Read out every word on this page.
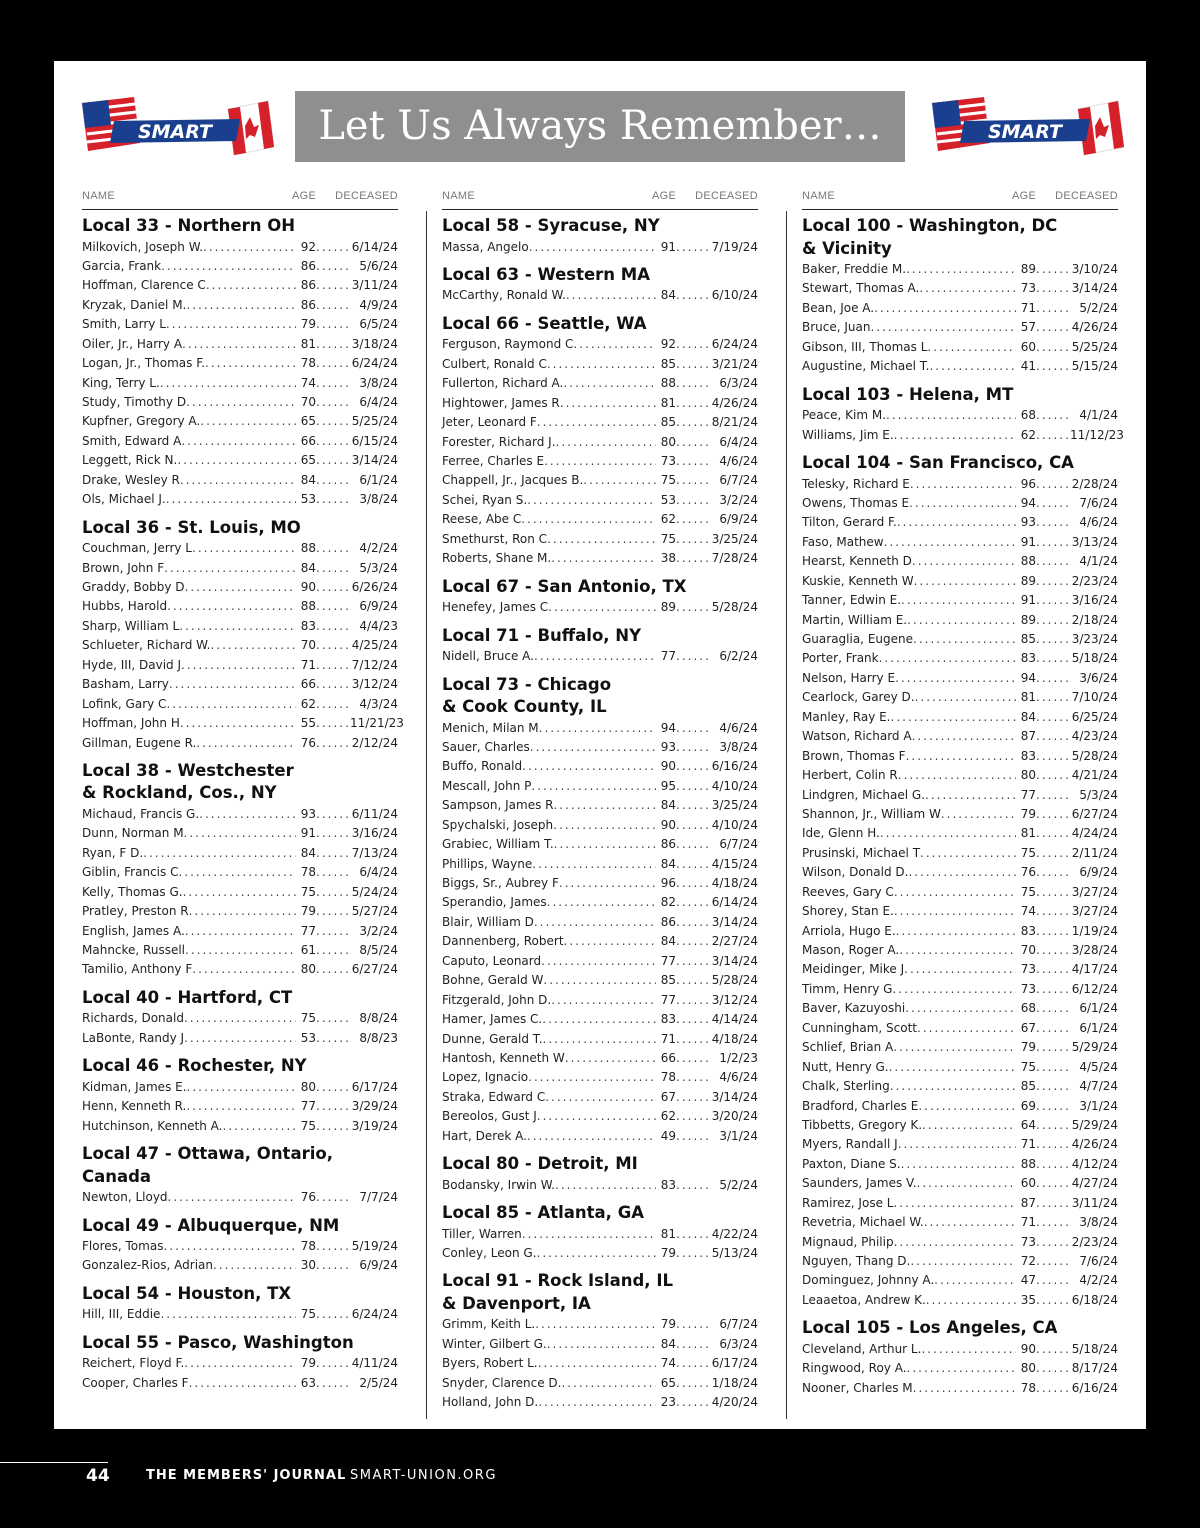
SMART	Let Us Always Remember…	SMART
NAME	AGE DECEASED
Local 33 - Northern OH
Milkovich, Joseph W. .....	92 .....	6/14/24
Garcia, Frank .....	86 .....	5/6/24
Hoffman, Clarence C .....	86 .....	3/11/24
Kryzak, Daniel M. .....	86 .....	4/9/24
Smith, Larry L .....	79 .....	6/5/24
Oiler, Jr., Harry A .....	81 .....	3/18/24
Logan, Jr., Thomas F. .....	78 .....	6/24/24
King, Terry L. .....	74 .....	3/8/24
Study, Timothy D .....	70 .....	6/4/24
Kupfner, Gregory A. .....	65 .....	5/25/24
Smith, Edward A .....	66 .....	6/15/24
Leggett, Rick N. .....	65 .....	3/14/24
Drake, Wesley R .....	84 .....	6/1/24
Ols, Michael J. .....	53 .....	3/8/24
Local 36 - St. Louis, MO
Couchman, Jerry L .....	88 .....	4/2/24
Brown, John F .....	84 .....	5/3/24
Graddy, Bobby D .....	90 .....	6/26/24
Hubbs, Harold .....	88 .....	6/9/24
Sharp, William L .....	83 .....	4/4/23
Schlueter, Richard W. .....	70 .....	4/25/24
Hyde, III, David J .....	71 .....	7/12/24
Basham, Larry .....	66 .....	3/12/24
Lofink, Gary C .....	62 .....	4/3/24
Hoffman, John H .....	55 .....	11/21/23
Gillman, Eugene R. .....	76 .....	2/12/24
Local 38 - Westchester
& Rockland, Cos., NY
Michaud, Francis G. .....	93 .....	6/11/24
Dunn, Norman M .....	91 .....	3/16/24
Ryan, F D. .....	84 .....	7/13/24
Giblin, Francis C .....	78 .....	6/4/24
Kelly, Thomas G. .....	75 .....	5/24/24
Pratley, Preston R .....	79 .....	5/27/24
English, James A. .....	77 .....	3/2/24
Mahncke, Russell .....	61 .....	8/5/24
Tamilio, Anthony F .....	80 .....	6/27/24
Local 40 - Hartford, CT
Richards, Donald .....	75 .....	8/8/24
LaBonte, Randy J .....	53 .....	8/8/23
Local 46 - Rochester, NY
Kidman, James E. .....	80 .....	6/17/24
Henn, Kenneth R. .....	77 .....	3/29/24
Hutchinson, Kenneth A. .....	75 .....	3/19/24
Local 47 - Ottawa, Ontario, Canada
Newton, Lloyd .....	76 .....	7/7/24
Local 49 - Albuquerque, NM
Flores, Tomas .....	78 .....	5/19/24
Gonzalez-Rios, Adrian .....	30 .....	6/9/24
Local 54 - Houston, TX
Hill, III, Eddie .....	75 .....	6/24/24
Local 55 - Pasco, Washington
Reichert, Floyd F. .....	79 .....	4/11/24
Cooper, Charles F .....	63 .....	2/5/24
NAME	AGE DECEASED
Local 58 - Syracuse, NY
Massa, Angelo .....	91 .....	7/19/24
Local 63 - Western MA
McCarthy, Ronald W. .....	84 .....	6/10/24
Local 66 - Seattle, WA
Ferguson, Raymond C .....	92 .....	6/24/24
Culbert, Ronald C .....	85 .....	3/21/24
Fullerton, Richard A. .....	88 .....	6/3/24
Hightower, James R .....	81 .....	4/26/24
Jeter, Leonard F .....	85 .....	8/21/24
Forester, Richard J. .....	80 .....	6/4/24
Ferree, Charles E .....	73 .....	4/6/24
Chappell, Jr., Jacques B. .....	75 .....	6/7/24
Schei, Ryan S. .....	53 .....	3/2/24
Reese, Abe C .....	62 .....	6/9/24
Smethurst, Ron C .....	75 .....	3/25/24
Roberts, Shane M. .....	38 .....	7/28/24
Local 67 - San Antonio, TX
Henefey, James C .....	89 .....	5/28/24
Local 71 - Buffalo, NY
Nidell, Bruce A. .....	77 .....	6/2/24
Local 73 - Chicago
& Cook County, IL
Menich, Milan M .....	94 .....	4/6/24
Sauer, Charles .....	93 .....	3/8/24
Buffo, Ronald .....	90 .....	6/16/24
Mescall, John P .....	95 .....	4/10/24
Sampson, James R .....	84 .....	3/25/24
Spychalski, Joseph .....	90 .....	4/10/24
Grabiec, William T. .....	86 .....	6/7/24
Phillips, Wayne .....	84 .....	4/15/24
Biggs, Sr., Aubrey F .....	96 .....	4/18/24
Sperandio, James .....	82 .....	6/14/24
Blair, William D .....	86 .....	3/14/24
Dannenberg, Robert .....	84 .....	2/27/24
Caputo, Leonard .....	77 .....	3/14/24
Bohne, Gerald W .....	85 .....	5/28/24
Fitzgerald, John D. .....	77 .....	3/12/24
Hamer, James C. .....	83 .....	4/14/24
Dunne, Gerald T. .....	71 .....	4/18/24
Hantosh, Kenneth W .....	66 .....	1/2/23
Lopez, Ignacio .....	78 .....	4/6/24
Straka, Edward C .....	67 .....	3/14/24
Bereolos, Gust J .....	62 .....	3/20/24
Hart, Derek A. .....	49 .....	3/1/24
Local 80 - Detroit, MI
Bodansky, Irwin W. .....	83 .....	5/2/24
Local 85 - Atlanta, GA
Tiller, Warren .....	81 .....	4/22/24
Conley, Leon G. .....	79 .....	5/13/24
Local 91 - Rock Island, IL
& Davenport, IA
Grimm, Keith L. .....	79 .....	6/7/24
Winter, Gilbert G. .....	84 .....	6/3/24
Byers, Robert L. .....	74 .....	6/17/24
Snyder, Clarence D. .....	65 .....	1/18/24
Holland, John D. .....	23 .....	4/20/24
NAME	AGE DECEASED
Local 100 - Washington, DC
& Vicinity
Baker, Freddie M. .....	89 .....	3/10/24
Stewart, Thomas A. .....	73 .....	3/14/24
Bean, Joe A. .....	71 .....	5/2/24
Bruce, Juan .....	57 .....	4/26/24
Gibson, III, Thomas L .....	60 .....	5/25/24
Augustine, Michael T. .....	41 .....	5/15/24
Local 103 - Helena, MT
Peace, Kim M. .....	68 .....	4/1/24
Williams, Jim E. .....	62 .....	11/12/23
Local 104 - San Francisco, CA
Telesky, Richard E .....	96 .....	2/28/24
Owens, Thomas E .....	94 .....	7/6/24
Tilton, Gerard F. .....	93 .....	4/6/24
Faso, Mathew .....	91 .....	3/13/24
Hearst, Kenneth D .....	88 .....	4/1/24
Kuskie, Kenneth W .....	89 .....	2/23/24
Tanner, Edwin E. .....	91 .....	3/16/24
Martin, William E. .....	89 .....	2/18/24
Guaraglia, Eugene .....	85 .....	3/23/24
Porter, Frank .....	83 .....	5/18/24
Nelson, Harry E .....	94 .....	3/6/24
Cearlock, Garey D. .....	81 .....	7/10/24
Manley, Ray E. .....	84 .....	6/25/24
Watson, Richard A .....	87 .....	4/23/24
Brown, Thomas F .....	83 .....	5/28/24
Herbert, Colin R .....	80 .....	4/21/24
Lindgren, Michael G. .....	77 .....	5/3/24
Shannon, Jr., William W .....	79 .....	6/27/24
Ide, Glenn H. .....	81 .....	4/24/24
Prusinski, Michael T .....	75 .....	2/11/24
Wilson, Donald D. .....	76 .....	6/9/24
Reeves, Gary C .....	75 .....	3/27/24
Shorey, Stan E. .....	74 .....	3/27/24
Arriola, Hugo E. .....	83 .....	1/19/24
Mason, Roger A. .....	70 .....	3/28/24
Meidinger, Mike J .....	73 .....	4/17/24
Timm, Henry G .....	73 .....	6/12/24
Baver, Kazuyoshi .....	68 .....	6/1/24
Cunningham, Scott .....	67 .....	6/1/24
Schlief, Brian A .....	79 .....	5/29/24
Nutt, Henry G. .....	75 .....	4/5/24
Chalk, Sterling .....	85 .....	4/7/24
Bradford, Charles E .....	69 .....	3/1/24
Tibbetts, Gregory K. .....	64 .....	5/29/24
Myers, Randall J .....	71 .....	4/26/24
Paxton, Diane S. .....	88 .....	4/12/24
Saunders, James V. .....	60 .....	4/27/24
Ramirez, Jose L .....	87 .....	3/11/24
Revetria, Michael W. .....	71 .....	3/8/24
Mignaud, Philip .....	73 .....	2/23/24
Nguyen, Thang D. .....	72 .....	7/6/24
Dominguez, Johnny A. .....	47 .....	4/2/24
Leaaetoa, Andrew K. .....	35 .....	6/18/24
Local 105 - Los Angeles, CA
Cleveland, Arthur L. .....	90 .....	5/18/24
Ringwood, Roy A. .....	80 .....	8/17/24
Nooner, Charles M .....	78 .....	6/16/24
44	THE MEMBERS' JOURNAL SMART-UNION.ORG
